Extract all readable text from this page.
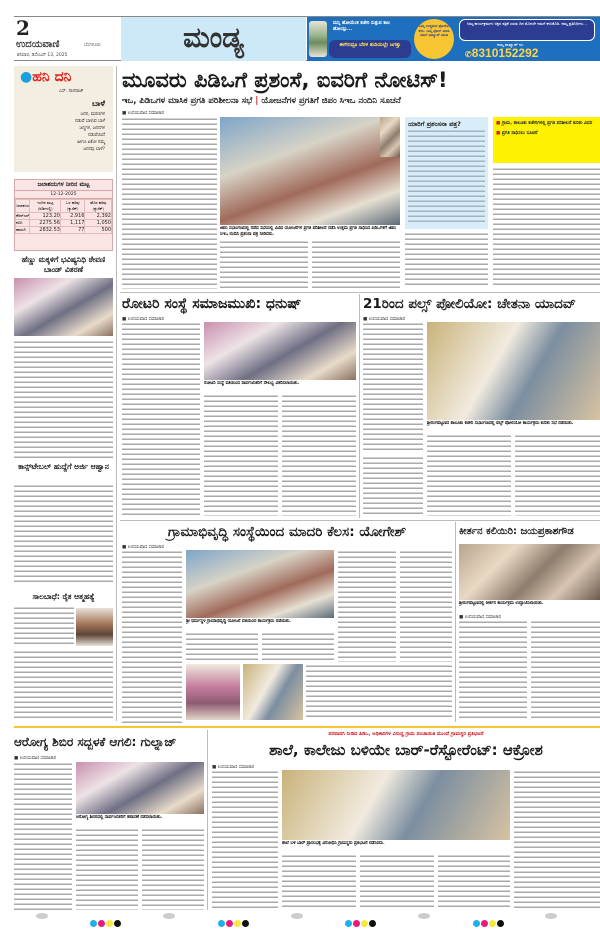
2
ಉದಯವಾಣಿ	ಬೆಂಗಳೂರು
ಶನಿವಾರ, ಡಿಸೆಂಬರ್ 13, 2025
ಮಂಡ್ಯ	ಮನ್ನಿ ಹೋಯೆಂತ ಕಚೇರಿ ಸುತ್ತುವ ಕಾಲ ಹೋಯ್ತು...
ಈಗೇನಿದ್ರೂ ಬೆರಳ ತುದಿಯಲ್ಲೇ ಜಗತ್ತು
ನಿಮ್ಮ ಊಕ್ಕ್ರಮದ ಫೋಟೋ ಕಳಿಸಿ. ನಿಮ್ಮ ಫೋನ್ ಮಾಡಿ ನಮಗೆ ವಾಟ್ಸ್ಯಾಪ್ ಮಾಡಿ
ನಿಮ್ಮ ಕಾರ್ಯಕ್ರಮಗಳ ಅಕ್ಷರ ಪತ್ರಿಕೆ ಎರಡು ದಿನ ಮೊದಲೇ ನಮಗೆ ಕಳಿಸಿಕೊಡಿ. ನಮ್ಮ ಪ್ರತಿನಿಧಿಗಳು...
ನಮ್ಮ ವಾಟ್ಸ್ಯಾಪ್ ನಂ.
✆8310152292
●ಹನಿ ದನಿ
ಎಸ್. ನಾಗರಾಜ್
ಬಾಳೆ
ಜನನ, ಮರಣಗಳ
ನಡುವೆ ಬಾಳುವ ಬಾಳೆ
ಜನ್ಮಗಳ, ಜನನಗಳ
ನಡುವೆಯಿದೆ
ಹೀಗೂ ಏಕೋ ನಮ್ಮ
ಜನನವು ಬಾಳೆ?
ಜಲಾಶಯಗಳ ನೀರಿನ ಮಟ್ಟ
12-12-2025
ಜಲಾಶಯ	ಇಂದಿನ ಮಟ್ಟ (ಅಡಿಗಳಲ್ಲಿ)	ಒಳ ಹರಿವು (ಕ್ಯುಸೆಕ್)	ಹೊರ ಹರಿವು (ಕ್ಯುಸೆಕ್)
ಕೆಆರ್‌ಎಸ್	123.20	2,916	2,392
ಕಬಿನಿ	2275.56	1,117	1,050
ಹಾರಂಗಿ	2832.53	77	500
ಹೆಣ್ಣು ಮಕ್ಕಳಿಗೆ ಭವಿಷ್ಯನಿಧಿ ಠೇವಣಿ ಬಾಂಡ್ ವಿತರಣೆ
ಕಾನ್ಸ್‌ಟೇಬಲ್ ಹುದ್ದೆಗೆ ಅರ್ಜಿ ಆಹ್ವಾನ
ಸಾಲಬಾಧೆ: ರೈತ ಆತ್ಮಹತ್ಯೆ
ಮೂವರು ಪಿಡಿಒಗೆ ಪ್ರಶಂಸೆ, ಐವರಿಗೆ ನೋಟಿಸ್!
ಇಒ, ಪಿಡಿಒಗಳ ಮಾಸಿಕ ಪ್ರಗತಿ ಪರಿಶೀಲನಾ ಸಭೆ | ಯೋಜನೆಗಳ ಪ್ರಗತಿಗೆ ಜಿಪಂ ಸಿಇಒ ನಂದಿನಿ ಸೂಚನೆ
■ ಉದಯವಾಣಿ ಸಮಾಚಾರ
ಜಿಪಂ ಸಭಾಂಗಣದಲ್ಲಿ ನಡೆದ ಸಭೆಯಲ್ಲಿ ವಿವಿಧ ಯೋಜನೆಗಳ ಪ್ರಗತಿ ಪರಿಶೀಲನೆ ನಡೆಸಿ ಉತ್ತಮ ಪ್ರಗತಿ ಸಾಧಿಸಿದ ಪಿಡಿಒಗಳಿಗೆ ಜಿಪಂ ಸಿಇಒ ನಂದಿನಿ ಪ್ರಶಂಸಾ ಪತ್ರ ನೀಡಿದರು.
ಯಾರಿಗೆ ಪ್ರಶಂಸನಾ ಪತ್ರ?	■ ಗ್ರಾಮ, ತಾಲೂಕು ಕಚೇರಿಗಳಲ್ಲಿ ಪ್ರಗತಿ ಪರಿಶೀಲನೆ ಕುರಿತು ವಿವರ
■ ಪ್ರಗತಿ ಸಾಧಿಸಲು ಸೂಚನೆ
ರೋಟರಿ ಸಂಸ್ಥೆ ಸಮಾಜಮುಖಿ: ಧನುಷ್
■ ಉದಯವಾಣಿ ಸಮಾಚಾರ
ರೋಟರಿ ಸಂಸ್ಥೆ ವತಿಯಿಂದ ಸಾರ್ವಜನಿಕರಿಗೆ ಸೌಲಭ್ಯ ವಿತರಿಸಲಾಯಿತು.
21ರಿಂದ ಪಲ್ಸ್ ಪೋಲಿಯೋ: ಚೇತನಾ ಯಾದವ್
■ ಉದಯವಾಣಿ ಸಮಾಚಾರ
ಶ್ರೀರಂಗಪಟ್ಟಣದ ತಾಲೂಕು ಕಚೇರಿ ಸಭಾಂಗಣದಲ್ಲಿ ಪಲ್ಸ್ ಪೋಲಿಯೋ ಕಾರ್ಯಕ್ರಮ ಕುರಿತು ಸಭೆ ನಡೆಯಿತು.
ಗ್ರಾಮಾಭಿವೃದ್ಧಿ ಸಂಸ್ಥೆಯಿಂದ ಮಾದರಿ ಕೆಲಸ: ಯೋಗೇಶ್
■ ಉದಯವಾಣಿ ಸಮಾಚಾರ
ಶ್ರೀ ಧರ್ಮಸ್ಥಳ ಗ್ರಾಮಾಭಿವೃದ್ಧಿ ಯೋಜನೆ ವತಿಯಿಂದ ಕಾರ್ಯಕ್ರಮ ನಡೆಯಿತು.
ಕೀರ್ತನ ಕಲಿಯಿರಿ: ಜಯಪ್ರಕಾಶಗೌಡ
ಶ್ರೀರಂಗಪಟ್ಟಣದಲ್ಲಿ ಕೀರ್ತನ ಕಾರ್ಯಕ್ರಮ ಉದ್ಘಾಟಿಸಲಾಯಿತು.
■ ಉದಯವಾಣಿ ಸಮಾಚಾರ
ಆರೋಗ್ಯ ಶಿಬಿರ ಸದ್ಬಳಕೆ ಆಗಲಿ: ಗುಲ್ನಾಜ್
■ ಉದಯವಾಣಿ ಸಮಾಚಾರ
ಆರೋಗ್ಯ ಶಿಬಿರದಲ್ಲಿ ಸಾರ್ವಜನಿಕರಿಗೆ ತಪಾಸಣೆ ನಡೆಸಲಾಯಿತು.
ಪರವಾನಗಿ ನೀಡಿದ ಪಿಡಿಒ, ಅಧಿಕಾರಿಗಳ ವಿರುದ್ಧ ಗ್ರಾಮ ಪಂಚಾಯಿತಿ ಮುಂದೆ ಗ್ರಾಮಸ್ಥರ ಪ್ರತಿಭಟನೆ
ಶಾಲೆ, ಕಾಲೇಜು ಬಳಿಯೇ ಬಾರ್-ರೆಸ್ಟೋರೆಂಟ್: ಆಕ್ರೋಶ
■ ಉದಯವಾಣಿ ಸಮಾಚಾರ
ಶಾಲೆ ಬಳಿ ಬಾರ್ ಪ್ರಾರಂಭಕ್ಕೆ ವಿರೋಧಿಸಿ ಗ್ರಾಮಸ್ಥರು ಪ್ರತಿಭಟನೆ ನಡೆಸಿದರು.
